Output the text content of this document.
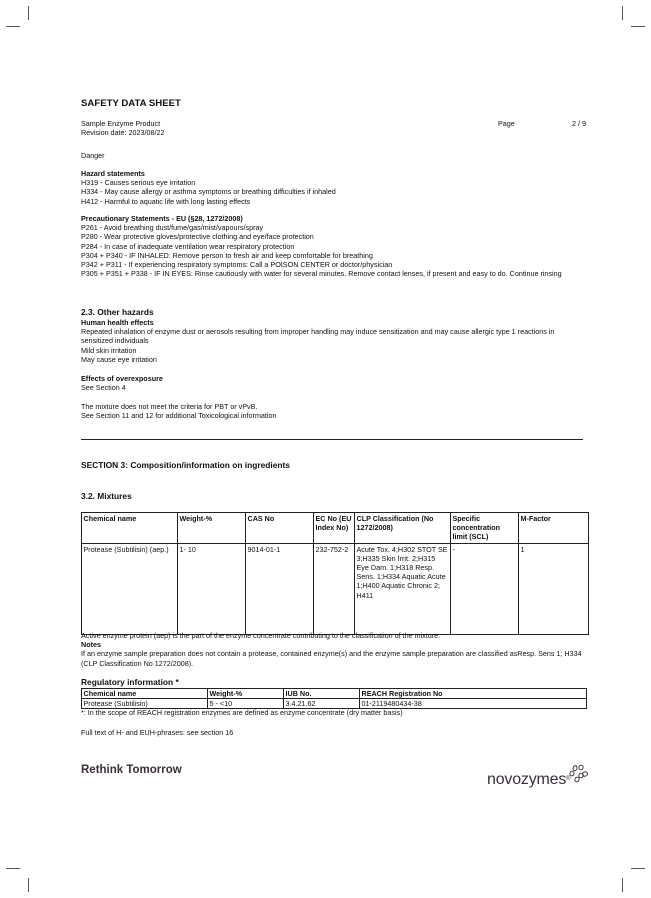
SAFETY DATA SHEET
Sample Enzyme Product
Revision date: 2023/08/22
Page	2 / 9
Danger
Hazard statements
H319 - Causes serious eye irritation
H334 - May cause allergy or asthma symptoms or breathing difficulties if inhaled
H412 - Harmful to aquatic life with long lasting effects
Precautionary Statements - EU (§28, 1272/2008)
P261 - Avoid breathing dust/fume/gas/mist/vapours/spray
P280 - Wear protective gloves/protective clothing and eye/face protection
P284 - In case of inadequate ventilation wear respiratory protection
P304 + P340 - IF INHALED: Remove person to fresh air and keep comfortable for breathing
P342 + P311 - If experiencing respiratory symptoms: Call a POISON CENTER or doctor/physician
P305 + P351 + P338 - IF IN EYES: Rinse cautiously with water for several minutes. Remove contact lenses, if present and easy to do. Continue rinsing
2.3. Other hazards
Human health effects
Repeated inhalation of enzyme dust or aerosols resulting from improper handling may induce sensitization and may cause allergic type 1 reactions in sensitized individuals
Mild skin irritation
May cause eye irritation
Effects of overexposure
See Section 4
The mixture does not meet the criteria for PBT or vPvB.
See Section 11 and 12 for additional Toxicological information
SECTION 3: Composition/information on ingredients
3.2. Mixtures
Chemical name	Weight-%	CAS No	EC No (EU Index No)	CLP Classification (No 1272/2008)	Specific concentration limit (SCL)	M-Factor
Protease (Subtilisin) (aep.)	1- 10	9014-01-1	232-752-2	Acute Tox. 4;H302 STOT SE 3;H335 Skin Irrit. 2;H315 Eye Dam. 1;H318 Resp. Sens. 1;H334 Aquatic Acute 1;H400 Aquatic Chronic 2; H411	-	1
Active enzyme protein (aep) is the part of the enzyme concentrate contributing to the classification of the mixture.
Notes
If an enzyme sample preparation does not contain a protease, contained enzyme(s) and the enzyme sample preparation are classified asResp. Sens 1; H334 (CLP Classification No 1272/2008).
Regulatory information *
Chemical name	Weight-%	IUB No.	REACH Registration No
Protease (Subtilisin)	5 - <10	3.4.21.62	01-2119480434-38
*: In the scope of REACH registration enzymes are defined as enzyme concentrate (dry matter basis)
Full text of H- and EUH-phrases: see section 16
Rethink Tomorrow
novozymes®
